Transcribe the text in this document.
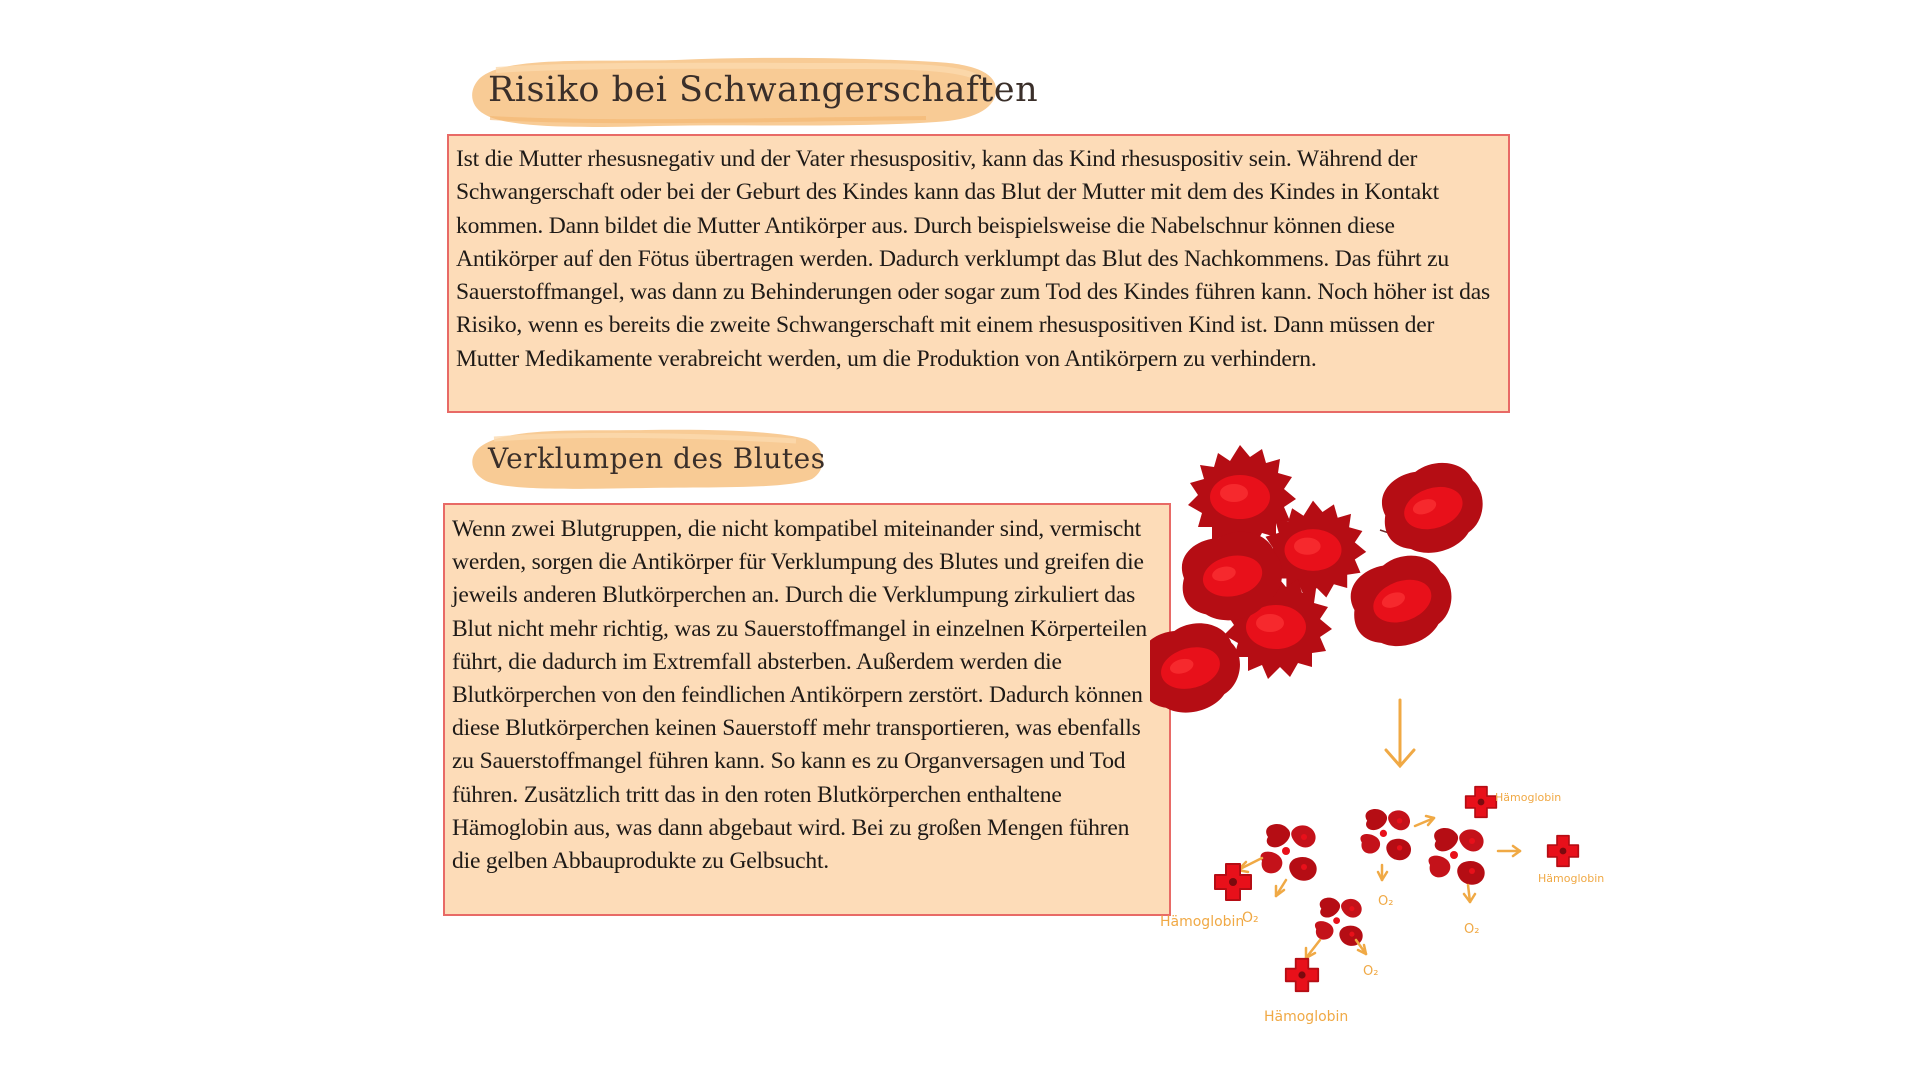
Risiko bei Schwangerschaften

Ist die Mutter rhesusnegativ und der Vater rhesuspositiv, kann das Kind rhesuspositiv sein. Während der Schwangerschaft oder bei der Geburt des Kindes kann das Blut der Mutter mit dem des Kindes in Kontakt kommen. Dann bildet die Mutter Antikörper aus. Durch beispielsweise die Nabelschnur können diese Antikörper auf den Fötus übertragen werden. Dadurch verklumpt das Blut des Nachkommens. Das führt zu Sauerstoffmangel, was dann zu Behinderungen oder sogar zum Tod des Kindes führen kann. Noch höher ist das Risiko, wenn es bereits die zweite Schwangerschaft mit einem rhesuspositiven Kind ist. Dann müssen der Mutter Medikamente verabreicht werden, um die Produktion von Antikörpern zu verhindern.

Verklumpen des Blutes

Wenn zwei Blutgruppen, die nicht kompatibel miteinander sind, vermischt werden, sorgen die Antikörper für Verklumpung des Blutes und greifen die jeweils anderen Blutkörperchen an. Durch die Verklumpung zirkuliert das Blut nicht mehr richtig, was zu Sauerstoffmangel in einzelnen Körperteilen führt, die dadurch im Extremfall absterben. Außerdem werden die Blutkörperchen von den feindlichen Antikörpern zerstört. Dadurch können diese Blutkörperchen keinen Sauerstoff mehr transportieren, was ebenfalls zu Sauerstoffmangel führen kann. So kann es zu Organversagen und Tod führen. Zusätzlich tritt das in den roten Blutkörperchen enthaltene Hämoglobin aus, was dann abgebaut wird. Bei zu großen Mengen führen die gelben Abbauprodukte zu Gelbsucht.

Hämoglobin
Hämoglobin
Hämoglobin
Hämoglobin
O₂
O₂
O₂
O₂
